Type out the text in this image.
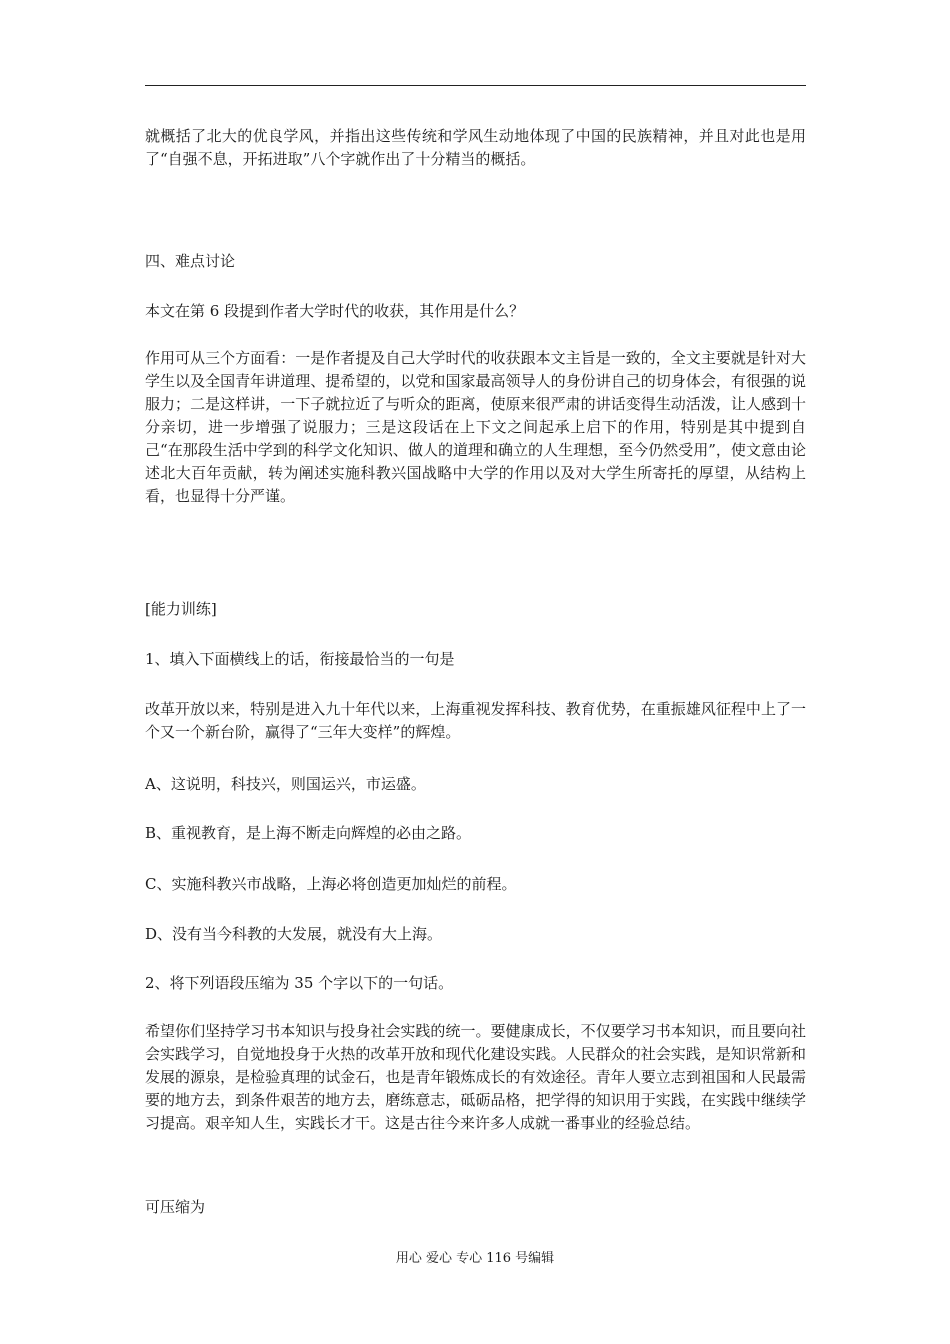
就概括了北大的优良学风，并指出这些传统和学风生动地体现了中国的民族精神，并且对此也是用了“自强不息，开拓进取”八个字就作出了十分精当的概括。

四、难点讨论

本文在第 6 段提到作者大学时代的收获，其作用是什么？

作用可从三个方面看：一是作者提及自己大学时代的收获跟本文主旨是一致的，全文主要就是针对大学生以及全国青年讲道理、提希望的，以党和国家最高领导人的身份讲自己的切身体会，有很强的说服力；二是这样讲，一下子就拉近了与听众的距离，使原来很严肃的讲话变得生动活泼，让人感到十分亲切，进一步增强了说服力；三是这段话在上下文之间起承上启下的作用，特别是其中提到自己“在那段生活中学到的科学文化知识、做人的道理和确立的人生理想，至今仍然受用”，使文意由论述北大百年贡献，转为阐述实施科教兴国战略中大学的作用以及对大学生所寄托的厚望，从结构上看，也显得十分严谨。

[能力训练]

1、填入下面横线上的话，衔接最恰当的一句是

改革开放以来，特别是进入九十年代以来，上海重视发挥科技、教育优势，在重振雄风征程中上了一个又一个新台阶，赢得了“三年大变样”的辉煌。

A、这说明，科技兴，则国运兴，市运盛。

B、重视教育，是上海不断走向辉煌的必由之路。

C、实施科教兴市战略，上海必将创造更加灿烂的前程。

D、没有当今科教的大发展，就没有大上海。

2、将下列语段压缩为 35 个字以下的一句话。

希望你们坚持学习书本知识与投身社会实践的统一。要健康成长，不仅要学习书本知识，而且要向社会实践学习，自觉地投身于火热的改革开放和现代化建设实践。人民群众的社会实践，是知识常新和发展的源泉，是检验真理的试金石，也是青年锻炼成长的有效途径。青年人要立志到祖国和人民最需要的地方去，到条件艰苦的地方去，磨练意志，砥砺品格，把学得的知识用于实践，在实践中继续学习提高。艰辛知人生，实践长才干。这是古往今来许多人成就一番事业的经验总结。

可压缩为

用心 爱心 专心 116 号编辑
